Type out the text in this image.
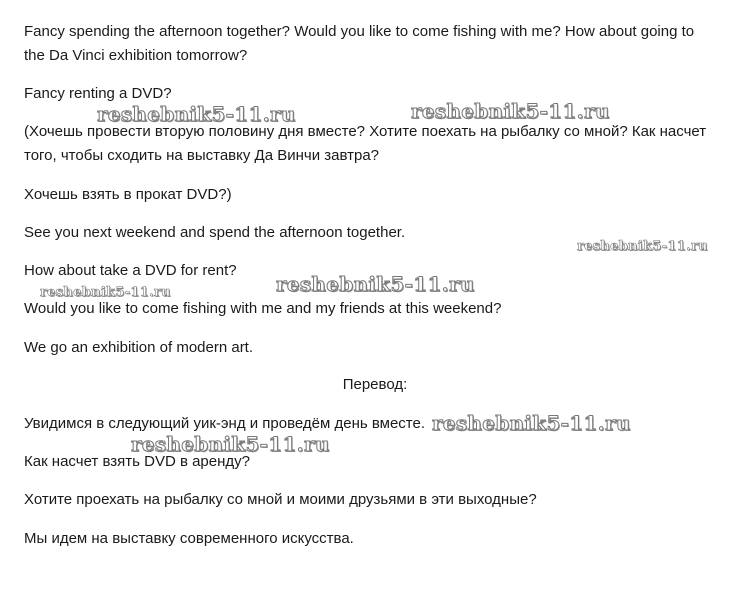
Fancy spending the afternoon together? Would you like to come fishing with me? How about going to
the Da Vinci exhibition tomorrow?
Fancy renting a DVD?
(Хочешь провести вторую половину дня вместе? Хотите поехать на рыбалку со мной? Как насчет
того, чтобы сходить на выставку Да Винчи завтра?
Хочешь взять в прокат DVD?)
See you next weekend and spend the afternoon together.
How about take a DVD for rent?
Would you like to come fishing with me and my friends at this weekend?
We go an exhibition of modern art.
Перевод:
Увидимся в следующий уик-энд и проведём день вместе.
Как насчет взять DVD в аренду?
Хотите проехать на рыбалку со мной и моими друзьями в эти выходные?
Мы идем на выставку современного искусства.
reshebnik5-11.ru	reshebnik5-11.ru
reshebnik5-11.ru
reshebnik5-11.ru
reshebnik5-11.ru
reshebnik5-11.ru
reshebnik5-11.ru
